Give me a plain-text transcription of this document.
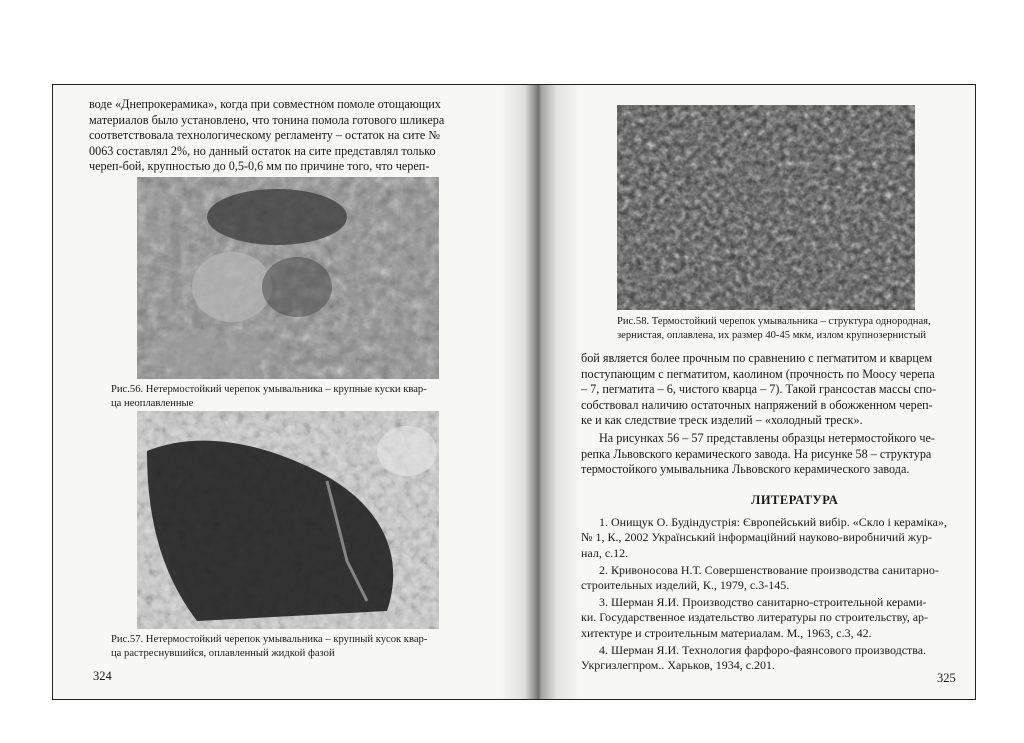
воде «Днепрокерамика», когда при совместном помоле отощающих
материалов было установлено, что тонина помола готового шликера
соответствовала технологическому регламенту – остаток на сите №
0063 составлял 2%, но данный остаток на сите представлял только
череп-бой, крупностью до 0,5-0,6 мм по причине того, что череп-
Рис.56. Нетермостойкий черепок умывальника – крупные куски квар-
ца неоплавленные
Рис.57. Нетермостойкий черепок умывальника – крупный кусок квар-
ца растреснувшийся, оплавленный жидкой фазой
324
Рис.58. Термостойкий черепок умывальника – структура однородная,
зернистая, оплавлена, их размер 40-45 мкм, излом крупнозернистый
бой является более прочным по сравнению с пегматитом и кварцем
поступающим с пегматитом, каолином (прочность по Моосу черепа
– 7, пегматита – 6, чистого кварца – 7). Такой грансостав массы спо-
собствовал наличию остаточных напряжений в обожженном череп-
ке и как следствие треск изделий – «холодный треск».
На рисунках 56 – 57 представлены образцы нетермостойкого че-
репка Львовского керамического завода. На рисунке 58 – структура
термостойкого умывальника Львовского керамического завода.
ЛИТЕРАТУРА
1. Онищук О. Будіндустрія: Європейський вибір. «Скло і кераміка»,
№ 1, К., 2002 Український інформаційний науково-виробничий жур-
нал, с.12.
2. Кривоносова Н.Т. Совершенствование производства санитарно-
строительных изделий, К., 1979, с.3-145.
3. Шерман Я.И. Производство санитарно-строительной керами-
ки. Государственное издательство литературы по строительству, ар-
хитектуре и строительным материалам. М., 1963, с.3, 42.
4. Шерман Я.И. Технология фарфоро-фаянсового производства.
Укргизлегпром.. Харьков, 1934, с.201.
325
